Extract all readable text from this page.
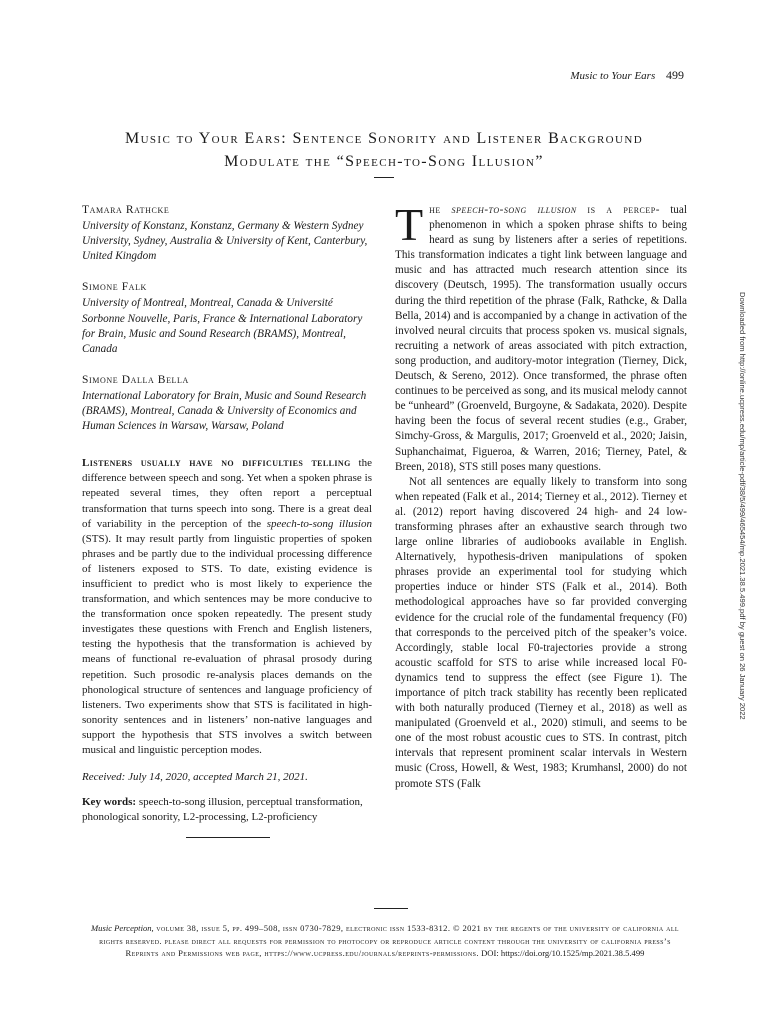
Music to Your Ears 499
Music to Your Ears: Sentence Sonority and Listener Background
Modulate the “Speech-to-Song Illusion”
Tamara Rathcke
University of Konstanz, Konstanz, Germany & Western Sydney University, Sydney, Australia & University of Kent, Canterbury, United Kingdom
Simone Falk
University of Montreal, Montreal, Canada & Université Sorbonne Nouvelle, Paris, France & International Laboratory for Brain, Music and Sound Research (BRAMS), Montreal, Canada
Simone Dalla Bella
International Laboratory for Brain, Music and Sound Research (BRAMS), Montreal, Canada & University of Economics and Human Sciences in Warsaw, Warsaw, Poland
Listeners usually have no difficulties telling the difference between speech and song. Yet when a spoken phrase is repeated several times, they often report a perceptual transformation that turns speech into song. There is a great deal of variability in the perception of the speech-to-song illusion (STS). It may result partly from linguistic properties of spoken phrases and be partly due to the individual processing difference of listeners exposed to STS. To date, existing evidence is insufficient to predict who is most likely to experience the transformation, and which sentences may be more conducive to the transformation once spoken repeatedly. The present study investigates these questions with French and English listeners, testing the hypothesis that the transformation is achieved by means of functional re-evaluation of phrasal prosody during repetition. Such prosodic re-analysis places demands on the phonological structure of sentences and language proficiency of listeners. Two experiments show that STS is facilitated in high-sonority sentences and in listeners’ non-native languages and support the hypothesis that STS involves a switch between musical and linguistic perception modes.
Received: July 14, 2020, accepted March 21, 2021.
Key words: speech-to-song illusion, perceptual transformation, phonological sonority, L2-processing, L2-proficiency

The speech-to-song illusion is a percep- tual phenomenon in which a spoken phrase shifts to being heard as sung by listeners after a series of repetitions. This transformation indicates a tight link between language and music and has attracted much research attention since its discovery (Deutsch, 1995). The transformation usually occurs during the third repetition of the phrase (Falk, Rathcke, & Dalla Bella, 2014) and is accompanied by a change in activation of the involved neural circuits that process spoken vs. musical signals, recruiting a network of areas associated with pitch extraction, song production, and auditory-motor integration (Tierney, Dick, Deutsch, & Sereno, 2012). Once transformed, the phrase often continues to be perceived as song, and its musical melody cannot be “unheard” (Groenveld, Burgoyne, & Sadakata, 2020). Despite having been the focus of several recent studies (e.g., Graber, Simchy-Gross, & Margulis, 2017; Groenveld et al., 2020; Jaisin, Suphanchaimat, Figueroa, & Warren, 2016; Tierney, Patel, & Breen, 2018), STS still poses many questions.

Not all sentences are equally likely to transform into song when repeated (Falk et al., 2014; Tierney et al., 2012). Tierney et al. (2012) report having discovered 24 high- and 24 low-transforming phrases after an exhaustive search through two large online libraries of audiobooks available in English. Alternatively, hypothesis-driven manipulations of spoken phrases provide an experimental tool for studying which properties induce or hinder STS (Falk et al., 2014). Both methodological approaches have so far provided converging evidence for the crucial role of the fundamental frequency (F0) that corresponds to the perceived pitch of the speaker’s voice. Accordingly, stable local F0-trajectories provide a strong acoustic scaffold for STS to arise while increased local F0-dynamics tend to suppress the effect (see Figure 1). The importance of pitch track stability has recently been replicated with both naturally produced (Tierney et al., 2018) as well as manipulated (Groenveld et al., 2020) stimuli, and seems to be one of the most robust acoustic cues to STS. In contrast, pitch intervals that represent prominent scalar intervals in Western music (Cross, Howell, & West, 1983; Krumhansl, 2000) do not promote STS (Falk

Downloaded from http://online.ucpress.edu/mp/article-pdf/38/5/499/465454/mp.2021.38.5.499.pdf by guest on 26 January 2022
Music Perception, volume 38, issue 5, pp. 499–508, issn 0730-7829, electronic issn 1533-8312. © 2021 by the regents of the university of california all rights reserved. please direct all requests for permission to photocopy or reproduce article content through the university of california press’s Reprints and Permissions web page, https://www.ucpress.edu/journals/reprints-permissions. DOI: https://doi.org/10.1525/mp.2021.38.5.499
